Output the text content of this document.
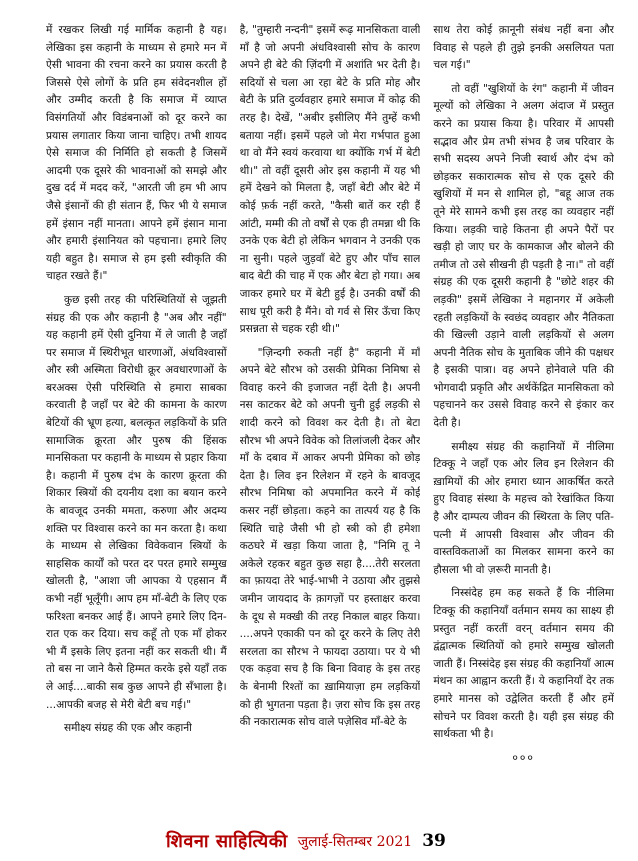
में रखकर लिखी गई मार्मिक कहानी है यह। लेखिका इस कहानी के माध्यम से हमारे मन में ऐसी भावना की रचना करने का प्रयास करती है जिससे ऐसे लोगों के प्रति हम संवेदनशील हों और उम्मीद करती है कि समाज में व्याप्त विसंगतियों और विडंबनाओं को दूर करने का प्रयास लगातार किया जाना चाहिए। तभी शायद ऐसे समाज की निर्मिति हो सकती है जिसमें आदमी एक दूसरे की भावनाओं को समझे और दुख दर्द में मदद करें, "आरती जी हम भी आप जैसे इंसानों की ही संतान हैं, फिर भी ये समाज हमें इंसान नहीं मानता। आपने हमें इंसान माना और हमारी इंसानियत को पहचाना। हमारे लिए यही बहुत है। समाज से हम इसी स्वीकृति की चाहत रखते हैं।"

कुछ इसी तरह की परिस्थितियों से जूझती संग्रह की एक और कहानी है "अब और नहीं" यह कहानी हमें ऐसी दुनिया में ले जाती है जहाँ पर समाज में स्थिरीभूत धारणाओं, अंधविश्वासों और स्त्री अस्मिता विरोधी क्रूर अवधारणाओं के बरअक्स ऐसी परिस्थिति से हमारा साबका करवाती है जहाँ पर बेटे की कामना के कारण बेटियों की भ्रूण हत्या, बलत्कृत लड़कियों के प्रति सामाजिक क्रूरता और पुरुष की हिंसक मानसिकता पर कहानी के माध्यम से प्रहार किया है। कहानी में पुरुष दंभ के कारण क्रूरता की शिकार स्त्रियों की दयनीय दशा का बयान करने के बावजूद उनकी ममता, करुणा और अदम्य शक्ति पर विश्वास करने का मन करता है। कथा के माध्यम से लेखिका विवेकवान स्त्रियों के साहसिक कार्यों को परत दर परत हमारे सम्मुख खोलती है, "आशा जी आपका ये एहसान मैं कभी नहीं भूलूँगी। आप हम माँ-बेटी के लिए एक फरिश्ता बनकर आई हैं। आपने हमारे लिए दिन-रात एक कर दिया। सच कहूँ तो एक माँ होकर भी मैं इसके लिए इतना नहीं कर सकती थी। मैं तो बस ना जाने कैसे हिम्मत करके इसे यहाँ तक ले आई....बाकी सब कुछ आपने ही सँभाला है। ...आपकी बजह से मेरी बेटी बच गई।"

समीक्ष्य संग्रह की एक और कहानी

है, "तुम्हारी नन्दनी" इसमें रूढ़ मानसिकता वाली माँ है जो अपनी अंधविश्वासी सोच के कारण अपने ही बेटे की ज़िंदगी में अशांति भर देती है। सदियों से चला आ रहा बेटे के प्रति मोह और बेटी के प्रति दुर्व्यवहार हमारे समाज में कोढ़ की तरह है। देखें, "अबीर इसीलिए मैंने तुम्हें कभी बताया नहीं। इसमें पहले जो मेरा गर्भपात हुआ था वो मैंने स्वयं करवाया था क्योंकि गर्भ में बेटी थी।" तो वहीं दूसरी ओर इस कहानी में यह भी हमें देखने को मिलता है, जहाँ बेटी और बेटे में कोई फ़र्क नहीं करते, "कैसी बातें कर रही हैं आंटी, मम्मी की तो वर्षों से एक ही तमन्ना थी कि उनके एक बेटी हो लेकिन भगवान ने उनकी एक ना सुनी। पहले जुड़वाँ बेटे हुए और पाँच साल बाद बेटी की चाह में एक और बेटा हो गया। अब जाकर हमारे घर में बेटी हुई है। उनकी वर्षों की साध पूरी करी है मैंने। वो गर्व से सिर ऊँचा किए प्रसन्नता से चहक रही थी।"

"ज़िन्दगी रुकती नहीं है" कहानी में माँ अपने बेटे सौरभ को उसकी प्रेमिका निमिषा से विवाह करने की इजाजत नहीं देती है। अपनी नस काटकर बेटे को अपनी चुनी हुई लड़की से शादी करने को विवश कर देती है। तो बेटा सौरभ भी अपने विवेक को तिलांजली देकर और माँ के दबाव में आकर अपनी प्रेमिका को छोड़ देता है। लिव इन रिलेशन में रहने के बावजूद सौरभ निमिषा को अपमानित करने में कोई कसर नहीं छोड़ता। कहने का तात्पर्य यह है कि स्थिति चाहे जैसी भी हो स्त्री को ही हमेशा कठघरे में खड़ा किया जाता है, "निमि तू ने अकेले रहकर बहुत कुछ सहा है....तेरी सरलता का फ़ायदा तेरे भाई-भाभी ने उठाया और तुझसे जमीन जायदाद के क़ागज़ों पर हस्ताक्षर करवा के दूध से मक्खी की तरह निकाल बाहर किया। ....अपने एकाकी पन को दूर करने के लिए तेरी सरलता का सौरभ ने फायदा उठाया। पर ये भी एक कड़वा सच है कि बिना विवाह के इस तरह के बेनामी रिश्तों का ख़ामियाज़ा हम लड़कियों को ही भुगतना पड़ता है। ज़रा सोच कि इस तरह की नकारात्मक सोच वाले पज़ेसिव माँ-बेटे के

साथ तेरा कोई क़ानूनी संबंध नहीं बना और विवाह से पहले ही तुझे इनकी असलियत पता चल गई।"

तो वहीं "खुशियों के रंग" कहानी में जीवन मूल्यों को लेखिका ने अलग अंदाज में प्रस्तुत करने का प्रयास किया है। परिवार में आपसी सद्भाव और प्रेम तभी संभव है जब परिवार के सभी सदस्य अपने निजी स्वार्थ और दंभ को छोड़कर सकारात्मक सोच से एक दूसरे की खुशियों में मन से शामिल हो, "बहू आज तक तूने मेरे सामने कभी इस तरह का व्यवहार नहीं किया। लड़की चाहे कितना ही अपने पैरों पर खड़ी हो जाए घर के कामकाज और बोलने की तमीज तो उसे सीखनी ही पड़ती है ना।" तो वहीं संग्रह की एक दूसरी कहानी है "छोटे शहर की लड़की" इसमें लेखिका ने महानगर में अकेली रहती लड़कियों के स्वछंद व्यवहार और नैतिकता की खिल्ली उड़ाने वाली लड़कियों से अलग अपनी नैतिक सोच के मुताबिक जीने की पक्षधर है इसकी पात्रा। वह अपने होनेवाले पति की भोगवादी प्रकृति और अर्थकेंद्रित मानसिकता को पहचानने कर उससे विवाह करने से इंकार कर देती है।

समीक्ष्य संग्रह की कहानियों में नीलिमा टिक्कू ने जहाँ एक ओर लिव इन रिलेशन की ख़ामियों की ओर हमारा ध्यान आकर्षित करते हुए विवाह संस्था के महत्त्व को रेखांकित किया है और दाम्पत्य जीवन की स्थिरता के लिए पति-पत्नी में आपसी विश्वास और जीवन की वास्तविकताओं का मिलकर सामना करने का हौसला भी वो ज़रूरी मानती है।

निस्संदेह हम कह सकते हैं कि नीलिमा टिक्कू की कहानियाँ वर्तमान समय का साक्ष्य ही प्रस्तुत नहीं करतीं वरन् वर्तमान समय की द्वंद्वात्मक स्थितियों को हमारे सम्मुख खोलती जाती हैं। निस्संदेह इस संग्रह की कहानियाँ आत्म मंथन का आह्वान करती हैं। ये कहानियाँ देर तक हमारे मानस को उद्वेलित करती हैं और हमें सोचने पर विवश करती है। यही इस संग्रह की सार्थकता भी है।

०००

शिवना साहित्यिकी जुलाई-सितम्बर 2021 39
